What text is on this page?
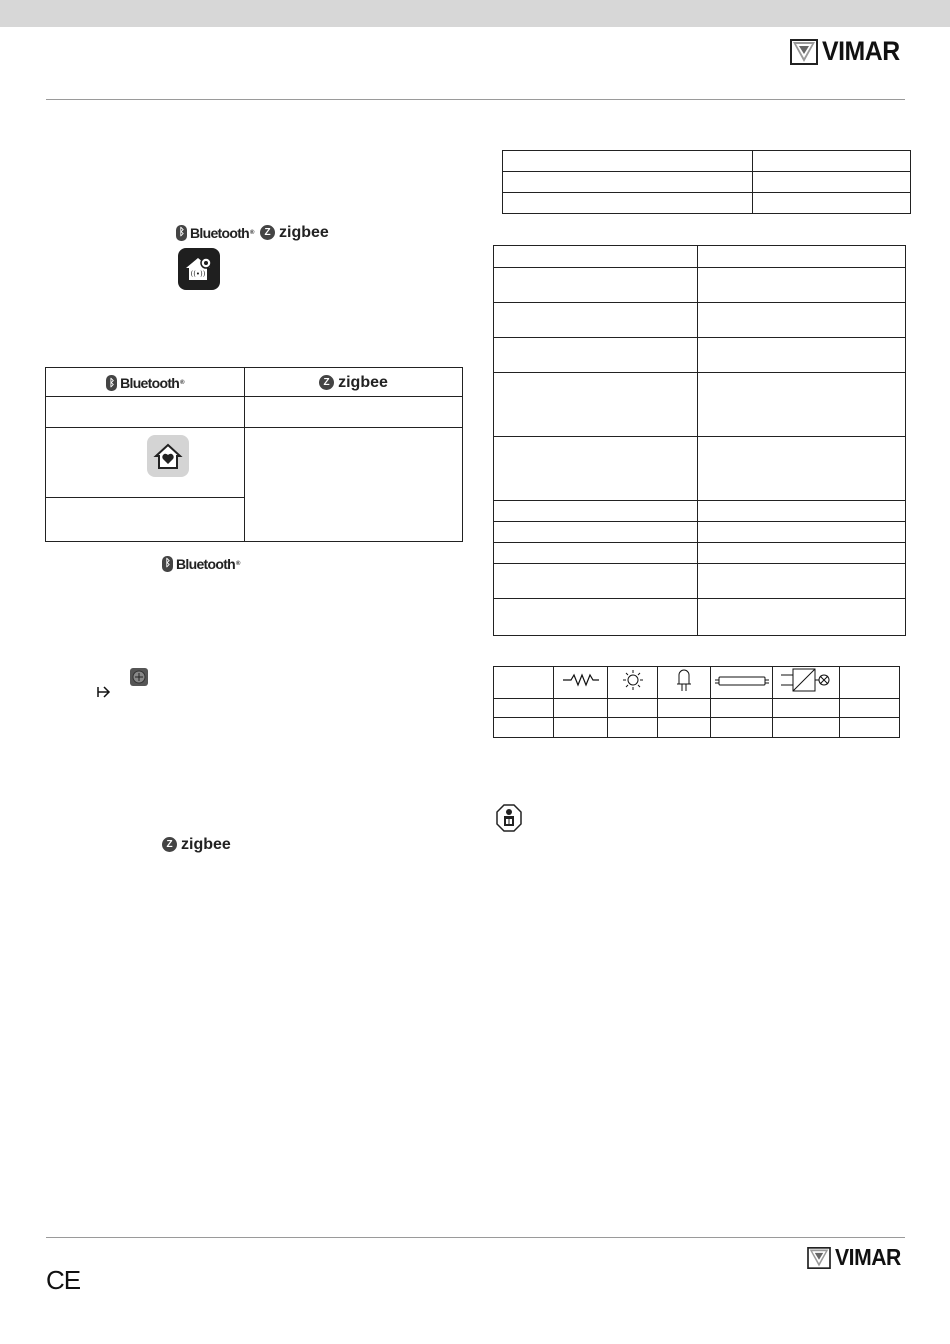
VIMAR
ᛒ Bluetooth ®	Z zigbee
((•))
ᛒ Bluetooth ®	Z zigbee

ᛒ Bluetooth ®
Z zigbee

CE
VIMAR
